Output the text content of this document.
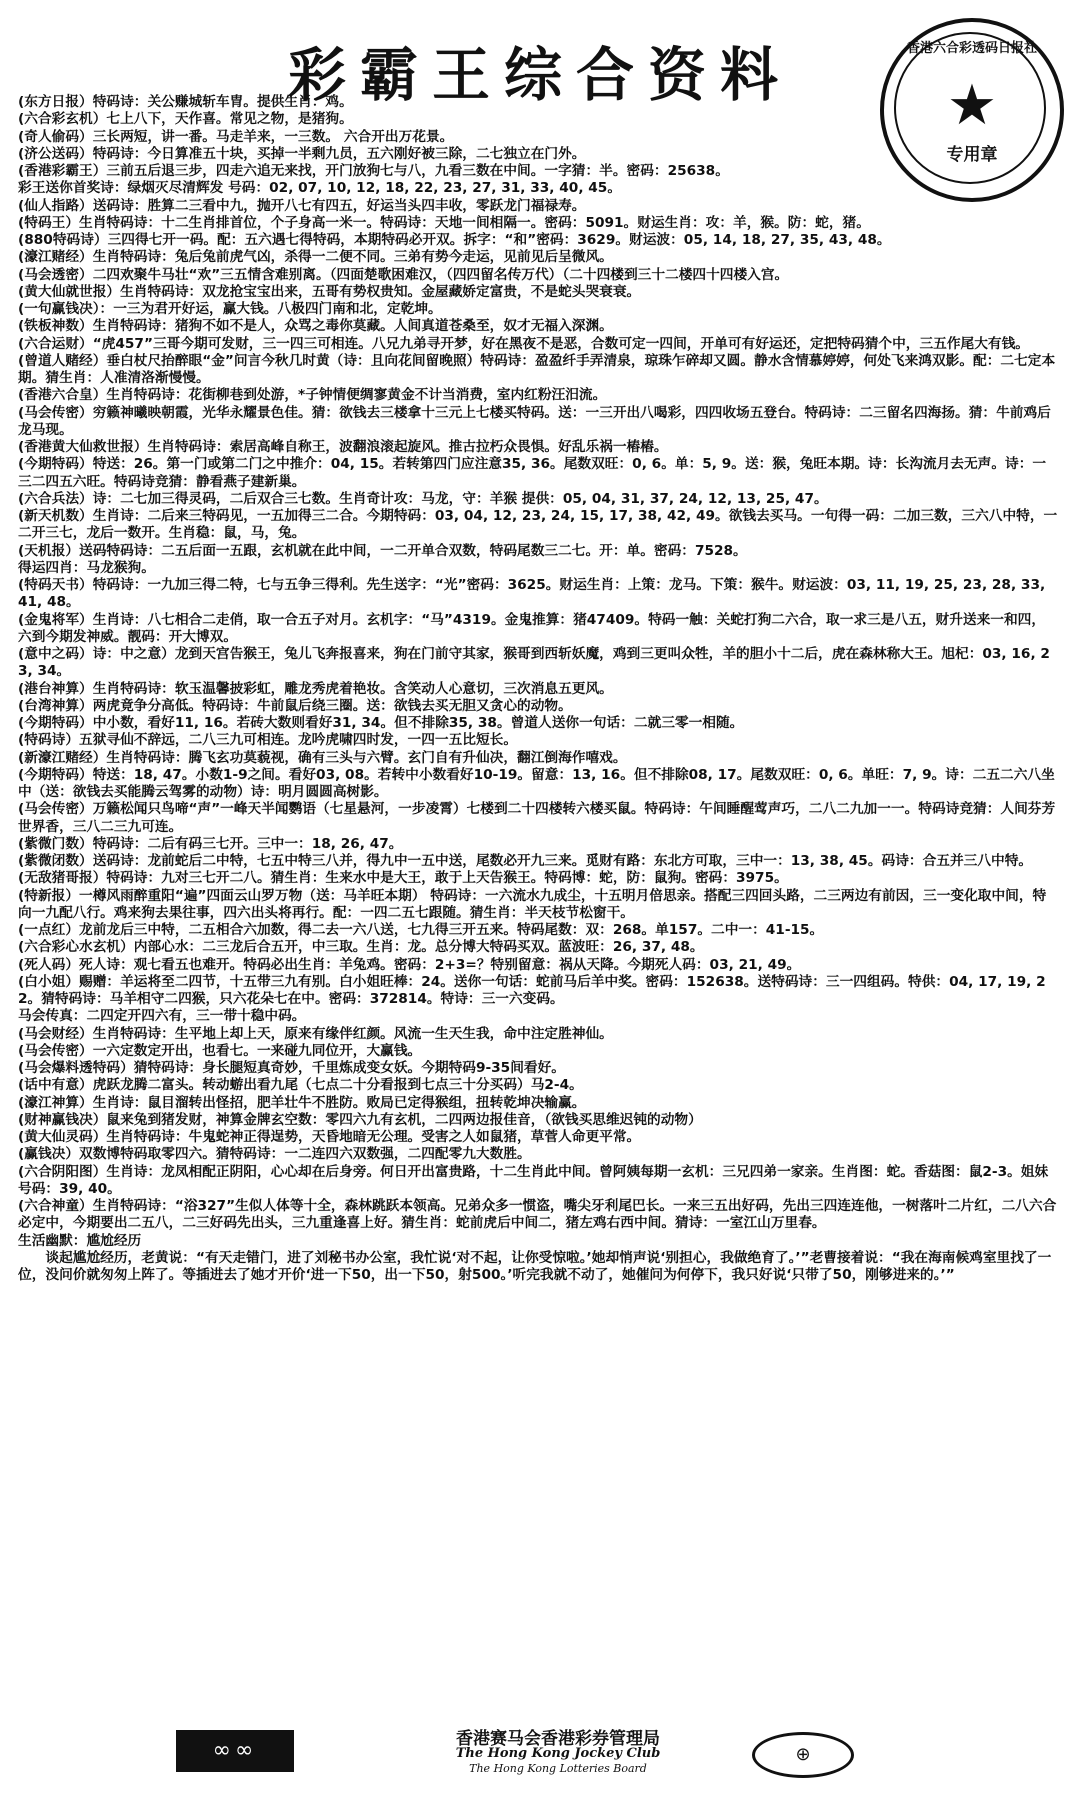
彩霸王综合资料	香港六合彩透码日报社
★
专用章

(东方日报）特码诗：关公赚城斩车胄。提供生肖：鸡。

(六合彩玄机）七上八下，天作喜。常见之物，是猪狗。

(奇人偷码）三长两短，讲一番。马走羊来，一三数。 六合开出万花景。

(济公送码）特码诗：今日算准五十块，买掉一半剩九员，五六刚好被三除，二七独立在门外。

(香港彩霸王）三前五后退三步，四走六追无来找，开门放狗七与八，九看三数在中间。一字猜：半。密码：25638。

彩王送你首奖诗：绿烟灭尽清辉发 号码：02, 07, 10, 12, 18, 22, 23, 27, 31, 33, 40, 45。

(仙人指路）送码诗：胜算二三看中九，抛开八七有四五，好运当头四丰收，零跃龙门福禄寿。

(特码王）生肖特码诗：十二生肖排首位，个子身高一米一。特码诗：天地一间相隔一。密码：5091。财运生肖：攻：羊，猴。防：蛇，猪。

(880特码诗）三四得七开一码。配：五六遇七得特码，本期特码必开双。拆字：“和”密码：3629。财运波：05, 14, 18, 27, 35, 43, 48。

(濠江赌经）生肖特码诗：兔后兔前虎气凶，杀得一二便不同。三弟有势今走运，见前见后呈微风。

(马会透密）二四欢聚牛马壮“欢”三五情含难别离。（四面楚歌困难汉，（四四留名传万代）（二十四楼到三十二楼四十四楼入宫。

(黄大仙就世报）生肖特码诗：双龙抢宝宝出来，五哥有势权贵知。金屋藏娇定富贵，不是蛇头哭衰衰。

(一句赢钱决）：一三为君开好运，赢大钱。八极四门南和北，定乾坤。

(铁板神数）生肖特码诗：猪狗不如不是人，众骂之毒你莫藏。人间真道苍桑至，奴才无福入深渊。

(六合运财）“虎457”三哥今期可发财，三一四三可相连。八兄九弟寻开梦，好在黑夜不是恶，合数可定一四间，开单可有好运还，定把特码猜个中，三五作尾大有钱。

(曾道人赌经）垂白杖尺抬醉眼“金”问言今秋几时黄（诗：且向花间留晚照）特码诗：盈盈纤手弄清泉，琼珠乍碎却又圆。静水含情慕婷婷，何处飞来鸿双影。配：二七定本期。猜生肖：人准清洛渐慢慢。

(香港六合皇）生肖特码诗：花街柳巷到处游，*子钟情便绸寥黄金不计当消费，室内红粉汪汨流。

(马会传密）穷籁神曦映朝霞，光华永耀景色佳。猜：欲钱去三楼拿十三元上七楼买特码。送：一三开出八喝彩，四四收场五登台。特码诗：二三留名四海扬。猜：牛前鸡后龙马现。

(香港黄大仙救世报）生肖特码诗：索居高峰自称王，波翻浪滚起旋风。推古拉朽众畏惧。好乱乐祸一樁樁。

(今期特码）特送：26。第一门或第二门之中推介：04, 15。若转第四门应注意35, 36。尾数双旺：0, 6。单：5, 9。送：猴，兔旺本期。诗：长沟流月去无声。诗：一三二四五六旺。特码诗竞猜：静看燕子建新巢。

(六合兵法）诗：二七加三得灵码，二后双合三七数。生肖奇计攻：马龙，守：羊猴 提供：05, 04, 31, 37, 24, 12, 13, 25, 47。

(新天机数）生肖诗：二后来三特码见，一五加得三二合。今期特码：03, 04, 12, 23, 24, 15, 17, 38, 42, 49。欲钱去买马。一句得一码：二加三数，三六八中特，一二开三七，龙后一数开。生肖稳：鼠，马，兔。

(天机报）送码特码诗：二五后面一五跟，玄机就在此中间，一二开单合双数，特码尾数三二七。开：单。密码：7528。

得运四肖：马龙猴狗。

(特码天书）特码诗：一九加三得二特，七与五争三得利。先生送字：“光”密码：3625。财运生肖：上策：龙马。下策：猴牛。财运波：03, 11, 19, 25, 23, 28, 33, 41, 48。

(金鬼将军）生肖诗：八七相合二走俏，取一合五子对月。玄机字：“马”4319。金鬼推算：猪47409。特码一触：关蛇打狗二六合，取一求三是八五，财升送来一和四，六到今期发神威。靓码：开大博双。

(意中之码）诗：中之意）龙到天宫告猴王，兔儿飞奔报喜来，狗在门前守其家，猴哥到西斩妖魔，鸡到三更叫众牲，羊的胆小十二后，虎在森林称大王。旭杞：03, 16, 23, 34。

(港台神算）生肖特码诗：软玉温馨披彩虹，雕龙秀虎着艳妆。含笑动人心意切，三次消息五更风。

(台湾神算）两虎竟争分高低。特码诗：牛前鼠后绕三圈。送：欲钱去买无胆又贪心的动物。

(今期特码）中小数，看好11, 16。若砖大数则看好31, 34。但不排除35, 38。曾道人送你一句话：二就三零一相随。

(特码诗）五狱寻仙不辞远，二八三九可相连。龙吟虎啸四时发，一四一五比短长。

(新濠江赌经）生肖特码诗：腾飞玄功莫藐视，确有三头与六臂。玄门自有升仙决，翻江倒海作嘻戏。

(今期特码）特送：18, 47。小数1-9之间。看好03, 08。若转中小数看好10-19。留意：13, 16。但不排除08, 17。尾数双旺：0, 6。单旺：7, 9。诗：二五二六八坐中（送：欲钱去买能腾云驾雾的动物）诗：明月圆圆高树影。

(马会传密）万籁松闻只鸟啼“声”一峰天半闻鹦语（七星悬河，一步凌霄）七楼到二十四楼转六楼买鼠。特码诗：午间睡醒莺声巧，二八二九加一一。特码诗竞猜：人间芬芳世界香，三八二三九可连。

(紫微门数）特码诗：二后有码三七开。三中一：18, 26, 47。

(紫微闭数）送码诗：龙前蛇后二中特，七五中特三八并，得九中一五中送，尾数必开九三来。觅财有路：东北方可取，三中一：13, 38, 45。码诗：合五并三八中特。

(无敌猪哥报）特码诗：九对三七开二八。猜生肖：生来水中是大王，敢于上天告猴王。特码博：蛇，防：鼠狗。密码：3975。

(特新报）一樽风雨醉重阳“遍”四面云山罗万物（送：马羊旺本期） 特码诗：一六流水九成尘，十五明月倍思亲。搭配三四回头路，二三两边有前因，三一变化取中间，特向一九配八行。鸡来狗去果往事，四六出头将再行。配：一四二五七跟随。猜生肖：半天枝节松窗干。

(一点红）龙前龙后三中特，二五相合六加数，得二去一六八送，七九得三开五来。特码尾数：双：268。单157。二中一：41-15。

(六合彩心水玄机）内部心水：二三龙后合五开，中三取。生肖：龙。总分博大特码买双。蓝波旺：26, 37, 48。

(死人码）死人诗：观七看五也难开。特码必出生肖：羊兔鸡。密码：2+3=？特别留意：祸从天降。今期死人码：03, 21, 49。

(白小姐）赐赠：羊运将至二四节，十五带三九有别。白小姐旺棒：24。送你一句话：蛇前马后羊中奖。密码：152638。送特码诗：三一四组码。特供：04, 17, 19, 22。猜特码诗：马羊相守二四猴，只六花朵七在中。密码：372814。特诗：三一六变码。

马会传真：二四定开四六有，三一带十稳中码。

(马会财经）生肖特码诗：生平地上却上天，原来有缘伴红颜。风流一生天生我，命中注定胜神仙。

(马会传密）一六定数定开出，也看七。一来碰九同位开，大赢钱。

(马会爆料透特码）猜特码诗：身长腿短真奇妙，千里炼成变女妖。今期特码9-35间看好。

(话中有意）虎跃龙腾二富头。转动蝣出看九尾（七点二十分看报到七点三十分买码）马2-4。

(濠江神算）生肖诗：鼠目溜转出怪招，肥羊壮牛不胜防。败局已定得猴组，扭转乾坤决输赢。

(财神赢钱决）鼠来兔到猪发财，神算金牌玄空数：零四六九有玄机，二四两边报佳音，（欲钱买思维迟钝的动物）

(黄大仙灵码）生肖特码诗：牛鬼蛇神正得逞势，天昏地暗无公理。受害之人如鼠猪，草菅人命更平常。

(赢钱决）双数博特码取零四六。猜特码诗：一二连四六双数强，二四配零九大数胜。

(六合阴阳图）生肖诗：龙凤相配正阴阳，心心却在后身旁。何日开出富贵路，十二生肖此中间。曾阿姨每期一玄机：三兄四弟一家亲。生肖图：蛇。香菇图：鼠2-3。姐妹号码：39, 40。

(六合神童）生肖特码诗：“浴327”生似人体等十全，森林跳跃本领高。兄弟众多一惯盗，嘴尖牙利尾巴长。一来三五出好码，先出三四连连他，一树落叶二片红，二八六合必定中，今期要出二五八，二三好码先出头，三九重逢喜上好。猜生肖：蛇前虎后中间二，猪左鸡右西中间。猜诗：一室江山万里春。

生活幽默：尴尬经历

谈起尴尬经历，老黄说：“有天走错门，进了刘秘书办公室，我忙说‘对不起，让你受惊啦。’她却悄声说‘别担心，我做绝育了。’”老曹接着说：“我在海南候鸡室里找了一位，没问价就匆匆上阵了。等插进去了她才开价‘进一下50，出一下50，射500。’听完我就不动了，她催问为何停下，我只好说‘只带了50，刚够进来的。’”

∞∞	香港赛马会香港彩券管理局
The Hong Kong Jockey Club
The Hong Kong Lotteries Board
⊕
